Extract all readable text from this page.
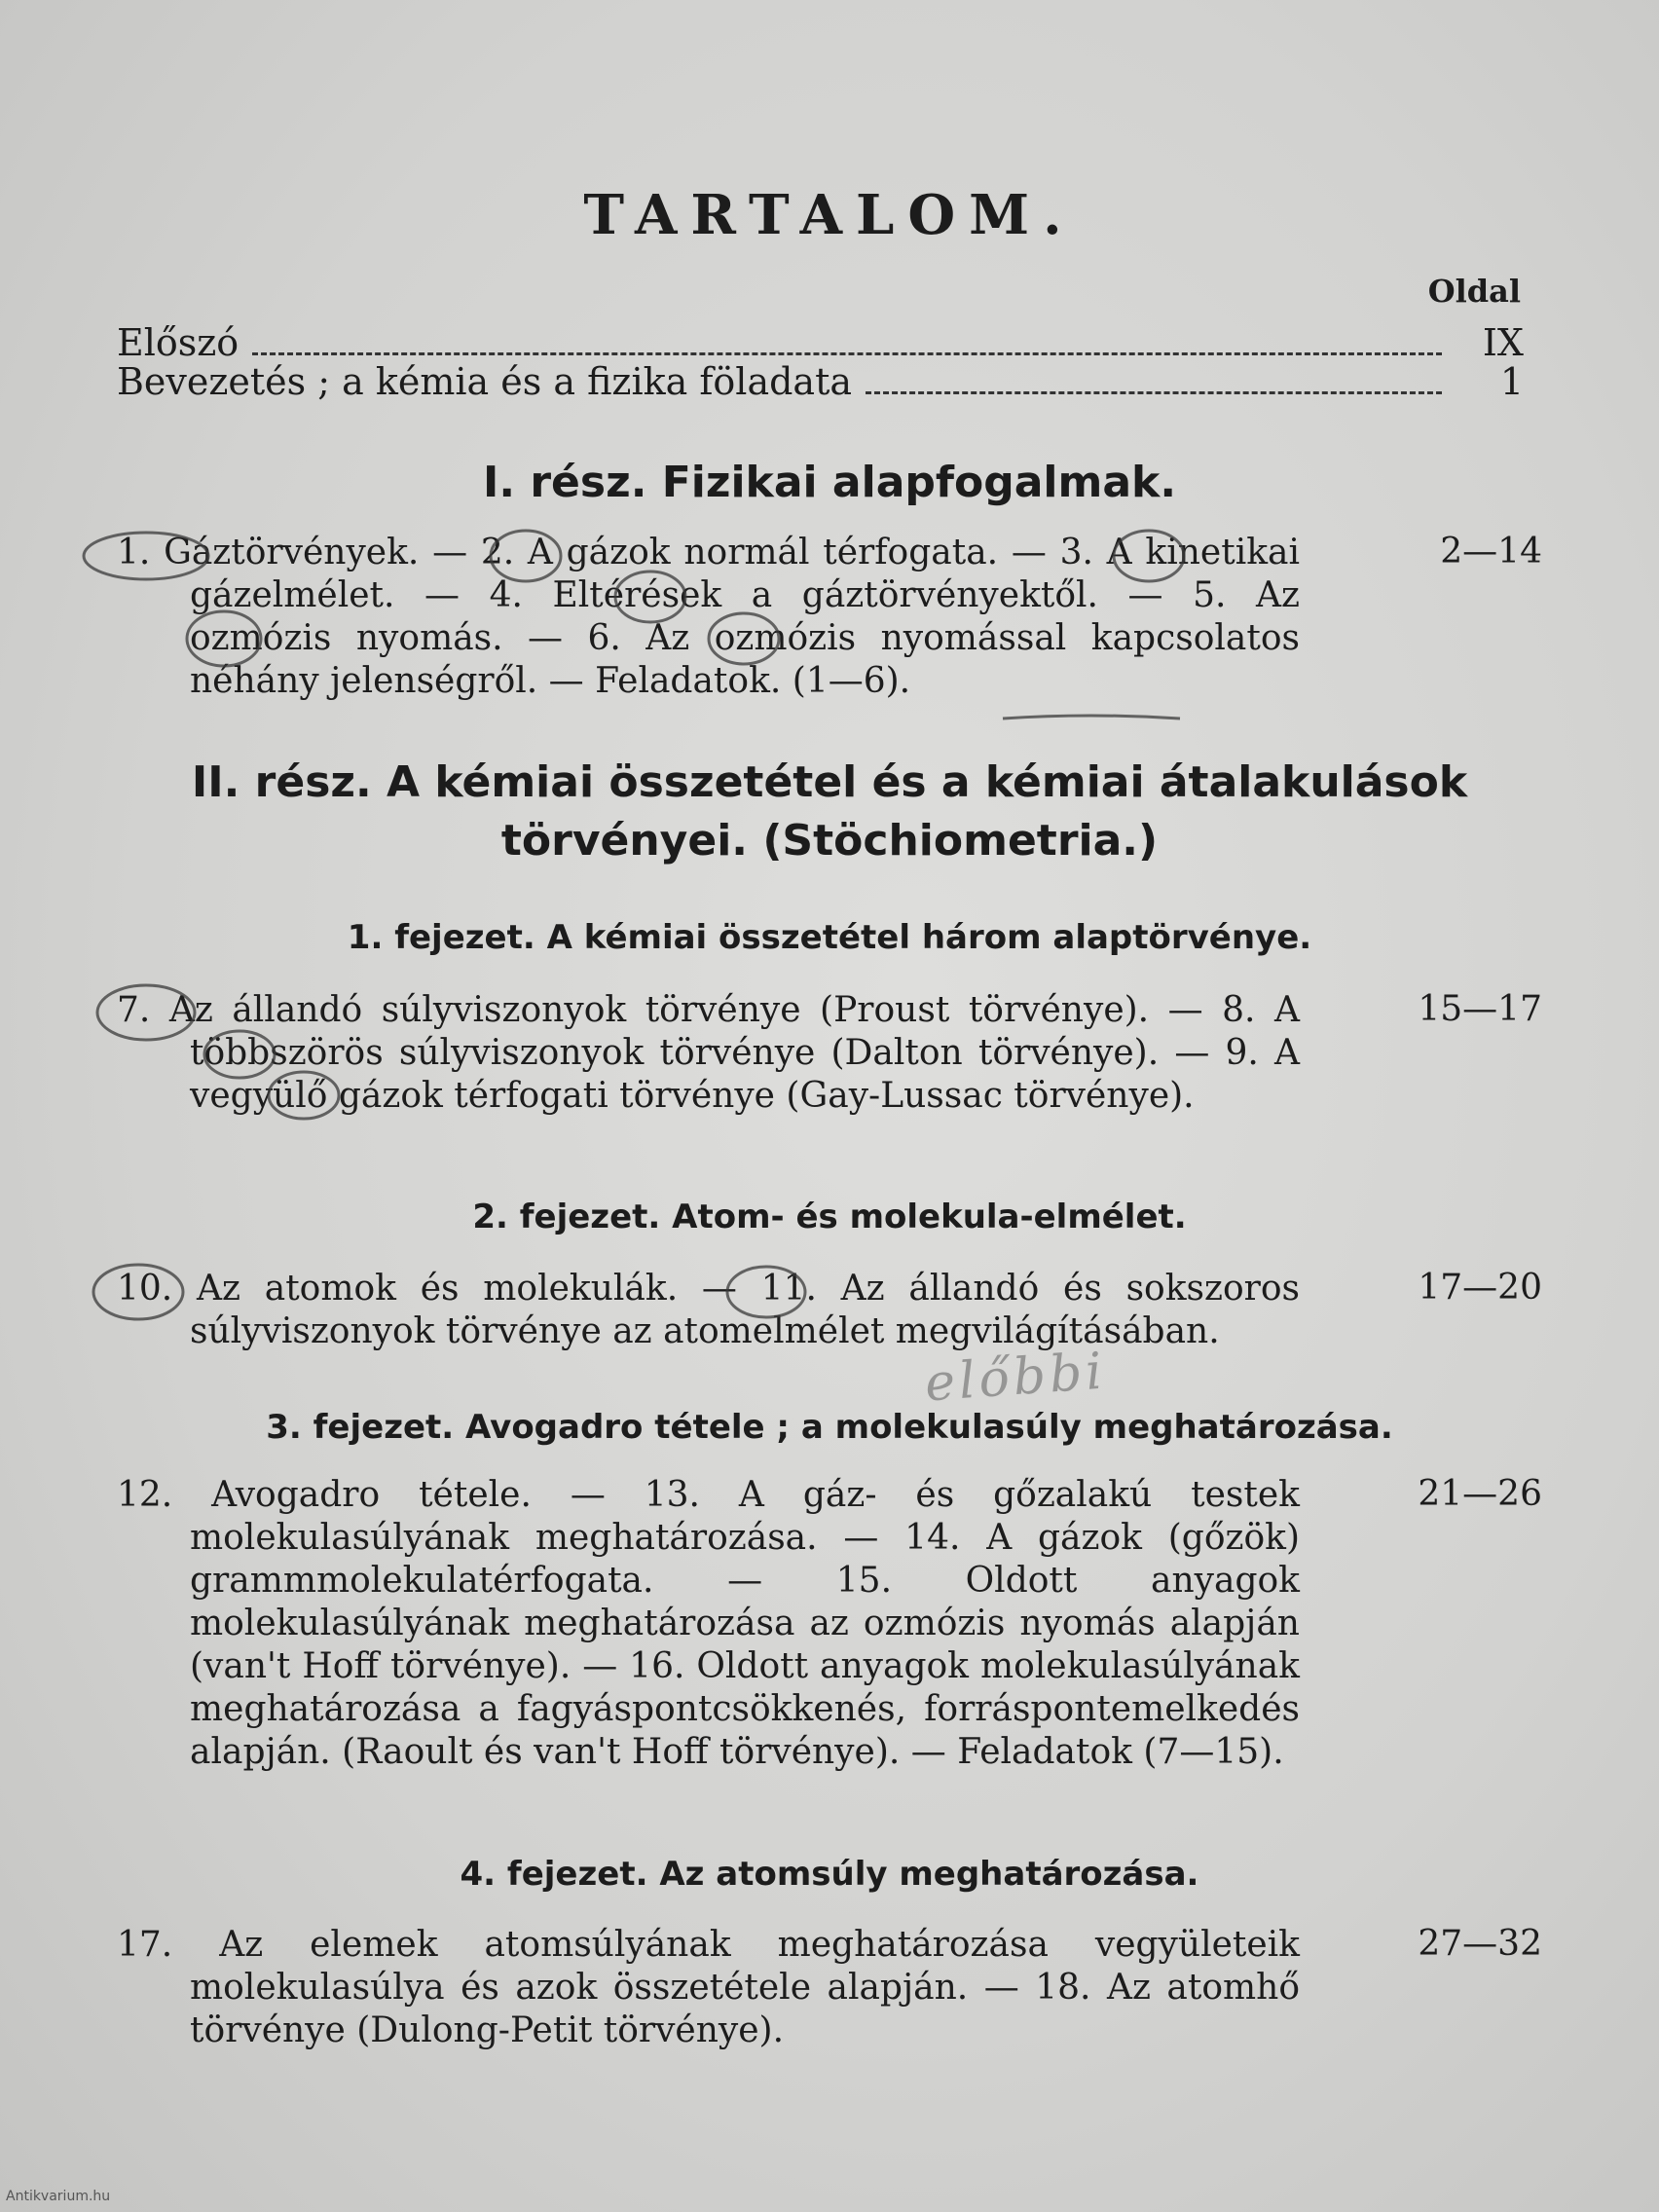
TARTALOM.
Oldal
Előszó	IX
Bevezetés ; a kémia és a fizika föladata	1
I. rész. Fizikai alapfogalmak.
1. Gáztörvények. — 2. A gázok normál térfogata. — 3. A kinetikai gázelmélet. — 4. Eltérések a gáztörvényektől. — 5. Az ozmózis nyomás. — 6. Az ozmózis nyomással kapcsolatos néhány jelenségről. — Feladatok. (1—6).
2—14
II. rész. A kémiai összetétel és a kémiai átalakulások törvényei. (Stöchiometria.)
1. fejezet. A kémiai összetétel három alaptörvénye.
7. Az állandó súlyviszonyok törvénye (Proust törvénye). — 8. A többszörös súlyviszonyok törvénye (Dalton törvénye). — 9. A vegyülő gázok térfogati törvénye (Gay-Lussac törvénye).
15—17
2. fejezet. Atom- és molekula-elmélet.
10. Az atomok és molekulák. — 11. Az állandó és sokszoros súlyviszonyok törvénye az atomelmélet megvilágításában.
17—20
előbbi
3. fejezet. Avogadro tétele ; a molekulasúly meghatározása.
12. Avogadro tétele. — 13. A gáz- és gőzalakú testek molekulasúlyának meghatározása. — 14. A gázok (gőzök) grammmolekulatérfogata. — 15. Oldott anyagok molekulasúlyának meghatározása az ozmózis nyomás alapján (van't Hoff törvénye). — 16. Oldott anyagok molekulasúlyának meghatározása a fagyáspontcsökkenés, forráspontemelkedés alapján. (Raoult és van't Hoff törvénye). — Feladatok (7—15).
21—26
4. fejezet. Az atomsúly meghatározása.
17. Az elemek atomsúlyának meghatározása vegyületeik molekulasúlya és azok összetétele alapján. — 18. Az atomhő törvénye (Dulong-Petit törvénye).
27—32
Antikvarium.hu
